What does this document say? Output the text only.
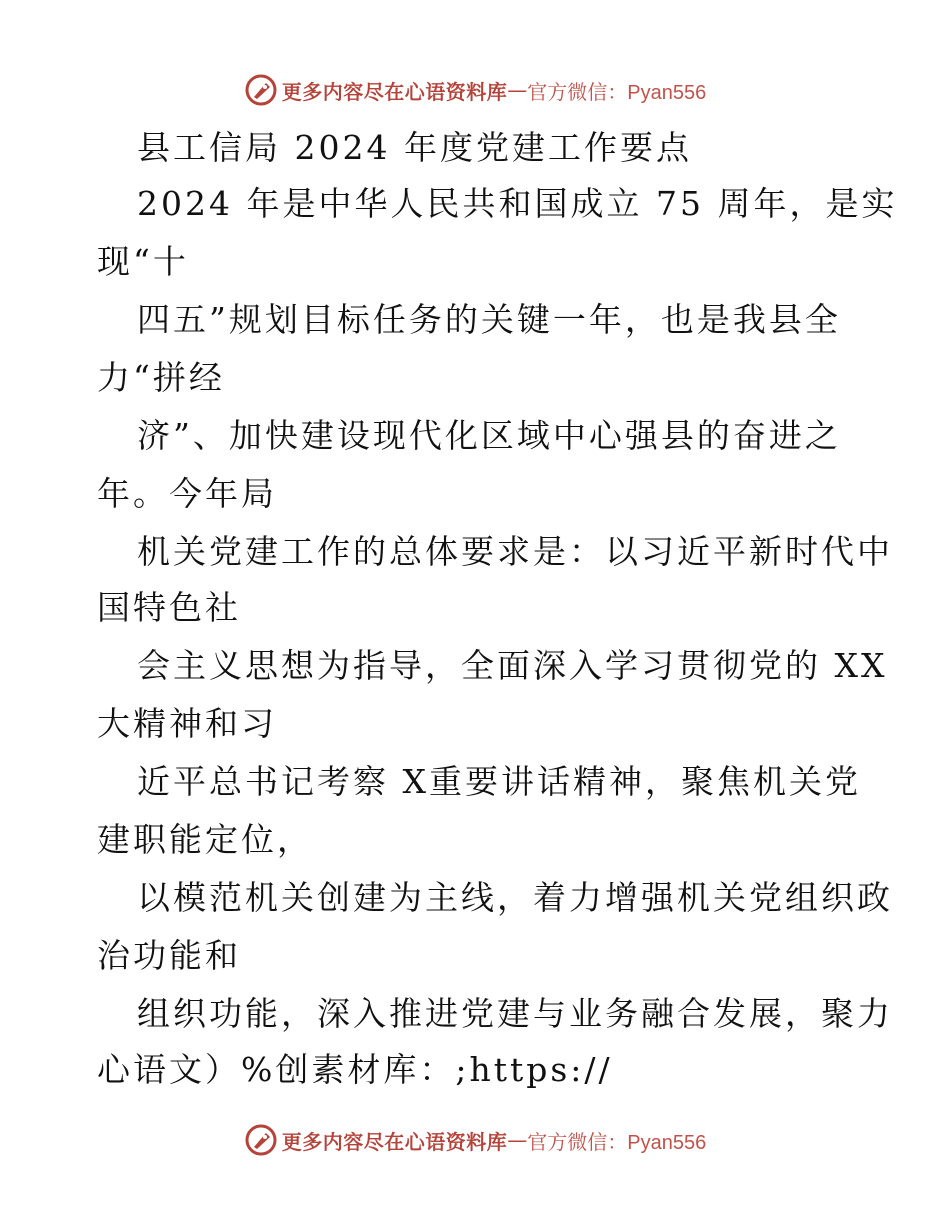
更多内容尽在心语资料库 — 官方微信：Pyan556
县工信局 2024 年度党建工作要点
2024 年是中华人民共和国成立 75 周年，是实
现“十
四五”规划目标任务的关键一年，也是我县全
力“拼经
济”、加快建设现代化区域中心强县的奋进之
年。今年局
机关党建工作的总体要求是：以习近平新时代中
国特色社
会主义思想为指导，全面深入学习贯彻党的 XX
大精神和习
近平总书记考察 X重要讲话精神，聚焦机关党
建职能定位，
以模范机关创建为主线，着力增强机关党组织政
治功能和
组织功能，深入推进党建与业务融合发展，聚力
心语文）%创素材库：;https://
更多内容尽在心语资料库 — 官方微信：Pyan556
